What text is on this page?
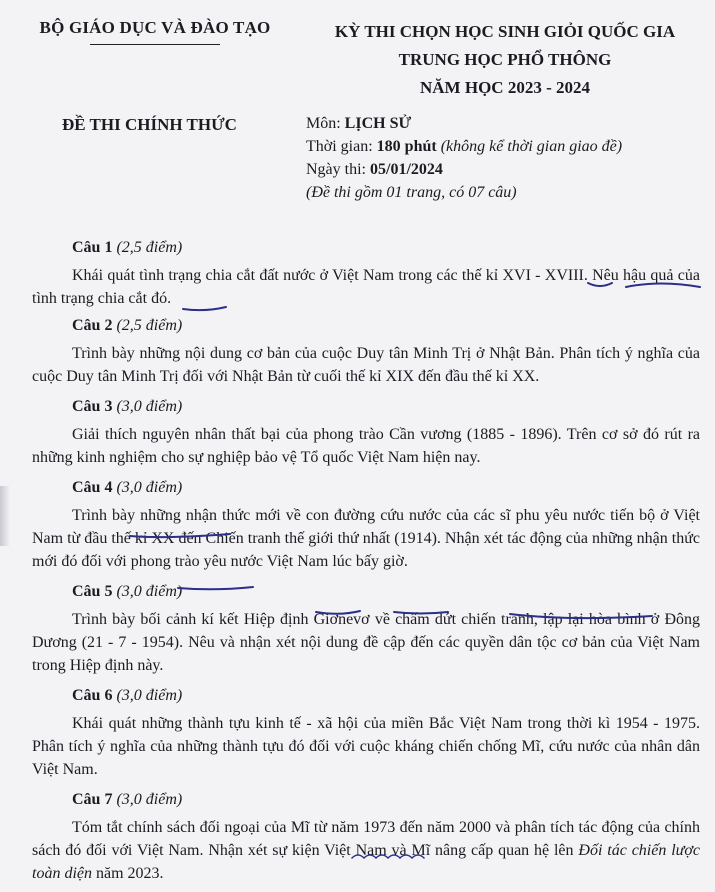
BỘ GIÁO DỤC VÀ ĐÀO TẠO	KỲ THI CHỌN HỌC SINH GIỎI QUỐC GIA
TRUNG HỌC PHỔ THÔNG
NĂM HỌC 2023 - 2024
ĐỀ THI CHÍNH THỨC	Môn: LỊCH SỬ
Thời gian: 180 phút (không kể thời gian giao đề)
Ngày thi: 05/01/2024
(Đề thi gồm 01 trang, có 07 câu)
Câu 1 (2,5 điểm)

Khái quát tình trạng chia cắt đất nước ở Việt Nam trong các thế kỉ XVI - XVIII. Nêu hậu quả của tình trạng chia cắt đó.

Câu 2 (2,5 điểm)

Trình bày những nội dung cơ bản của cuộc Duy tân Minh Trị ở Nhật Bản. Phân tích ý nghĩa của cuộc Duy tân Minh Trị đối với Nhật Bản từ cuối thế kỉ XIX đến đầu thế kỉ XX.

Câu 3 (3,0 điểm)

Giải thích nguyên nhân thất bại của phong trào Cần vương (1885 - 1896). Trên cơ sở đó rút ra những kinh nghiệm cho sự nghiệp bảo vệ Tổ quốc Việt Nam hiện nay.

Câu 4 (3,0 điểm)

Trình bày những nhận thức mới về con đường cứu nước của các sĩ phu yêu nước tiến bộ ở Việt Nam từ đầu thế kỉ XX đến Chiến tranh thế giới thứ nhất (1914). Nhận xét tác động của những nhận thức mới đó đối với phong trào yêu nước Việt Nam lúc bấy giờ.

Câu 5 (3,0 điểm)

Trình bày bối cảnh kí kết Hiệp định Giơnevơ về chấm dứt chiến tranh, lập lại hòa bình ở Đông Dương (21 - 7 - 1954). Nêu và nhận xét nội dung đề cập đến các quyền dân tộc cơ bản của Việt Nam trong Hiệp định này.

Câu 6 (3,0 điểm)

Khái quát những thành tựu kinh tế - xã hội của miền Bắc Việt Nam trong thời kì 1954 - 1975. Phân tích ý nghĩa của những thành tựu đó đối với cuộc kháng chiến chống Mĩ, cứu nước của nhân dân Việt Nam.

Câu 7 (3,0 điểm)

Tóm tắt chính sách đối ngoại của Mĩ từ năm 1973 đến năm 2000 và phân tích tác động của chính sách đó đối với Việt Nam. Nhận xét sự kiện Việt Nam và Mĩ nâng cấp quan hệ lên Đối tác chiến lược toàn diện năm 2023.
